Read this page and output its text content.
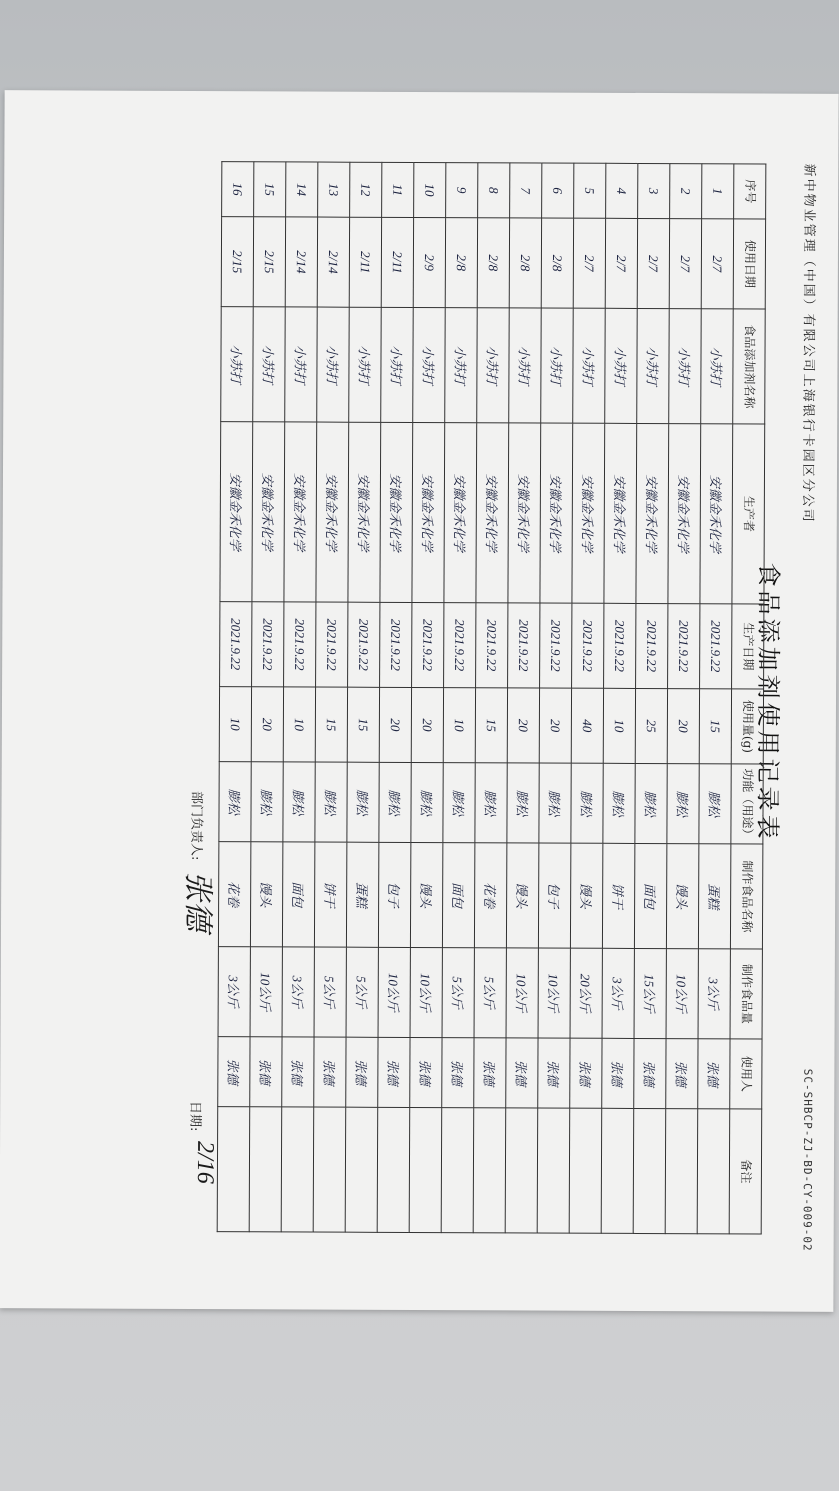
新中物业管理（中国）有限公司上海银行卡园区分公司
SC-SHBCP-ZJ-BD-CY-009-02
食品添加剂使用记录表
序号	使用日期	食品添加剂名称	生产者	生产日期	使用量(g)	功能（用途）	制作食品名称	制作食品量	使用人	备注
1	2/7	小苏打	安徽金禾化学	2021.9.22	15	膨松	蛋糕	3公斤	张德	
2	2/7	小苏打	安徽金禾化学	2021.9.22	20	膨松	馒头	10公斤	张德	
3	2/7	小苏打	安徽金禾化学	2021.9.22	25	膨松	面包	15公斤	张德	
4	2/7	小苏打	安徽金禾化学	2021.9.22	10	膨松	饼干	3公斤	张德	
5	2/7	小苏打	安徽金禾化学	2021.9.22	40	膨松	馒头	20公斤	张德	
6	2/8	小苏打	安徽金禾化学	2021.9.22	20	膨松	包子	10公斤	张德	
7	2/8	小苏打	安徽金禾化学	2021.9.22	20	膨松	馒头	10公斤	张德	
8	2/8	小苏打	安徽金禾化学	2021.9.22	15	膨松	花卷	5公斤	张德	
9	2/8	小苏打	安徽金禾化学	2021.9.22	10	膨松	面包	5公斤	张德	
10	2/9	小苏打	安徽金禾化学	2021.9.22	20	膨松	馒头	10公斤	张德	
11	2/11	小苏打	安徽金禾化学	2021.9.22	20	膨松	包子	10公斤	张德	
12	2/11	小苏打	安徽金禾化学	2021.9.22	15	膨松	蛋糕	5公斤	张德	
13	2/14	小苏打	安徽金禾化学	2021.9.22	15	膨松	饼干	5公斤	张德	
14	2/14	小苏打	安徽金禾化学	2021.9.22	10	膨松	面包	3公斤	张德	
15	2/15	小苏打	安徽金禾化学	2021.9.22	20	膨松	馒头	10公斤	张德	
16	2/15	小苏打	安徽金禾化学	2021.9.22	10	膨松	花卷	3公斤	张德	
部门负责人:
张德
日期:
2/16
